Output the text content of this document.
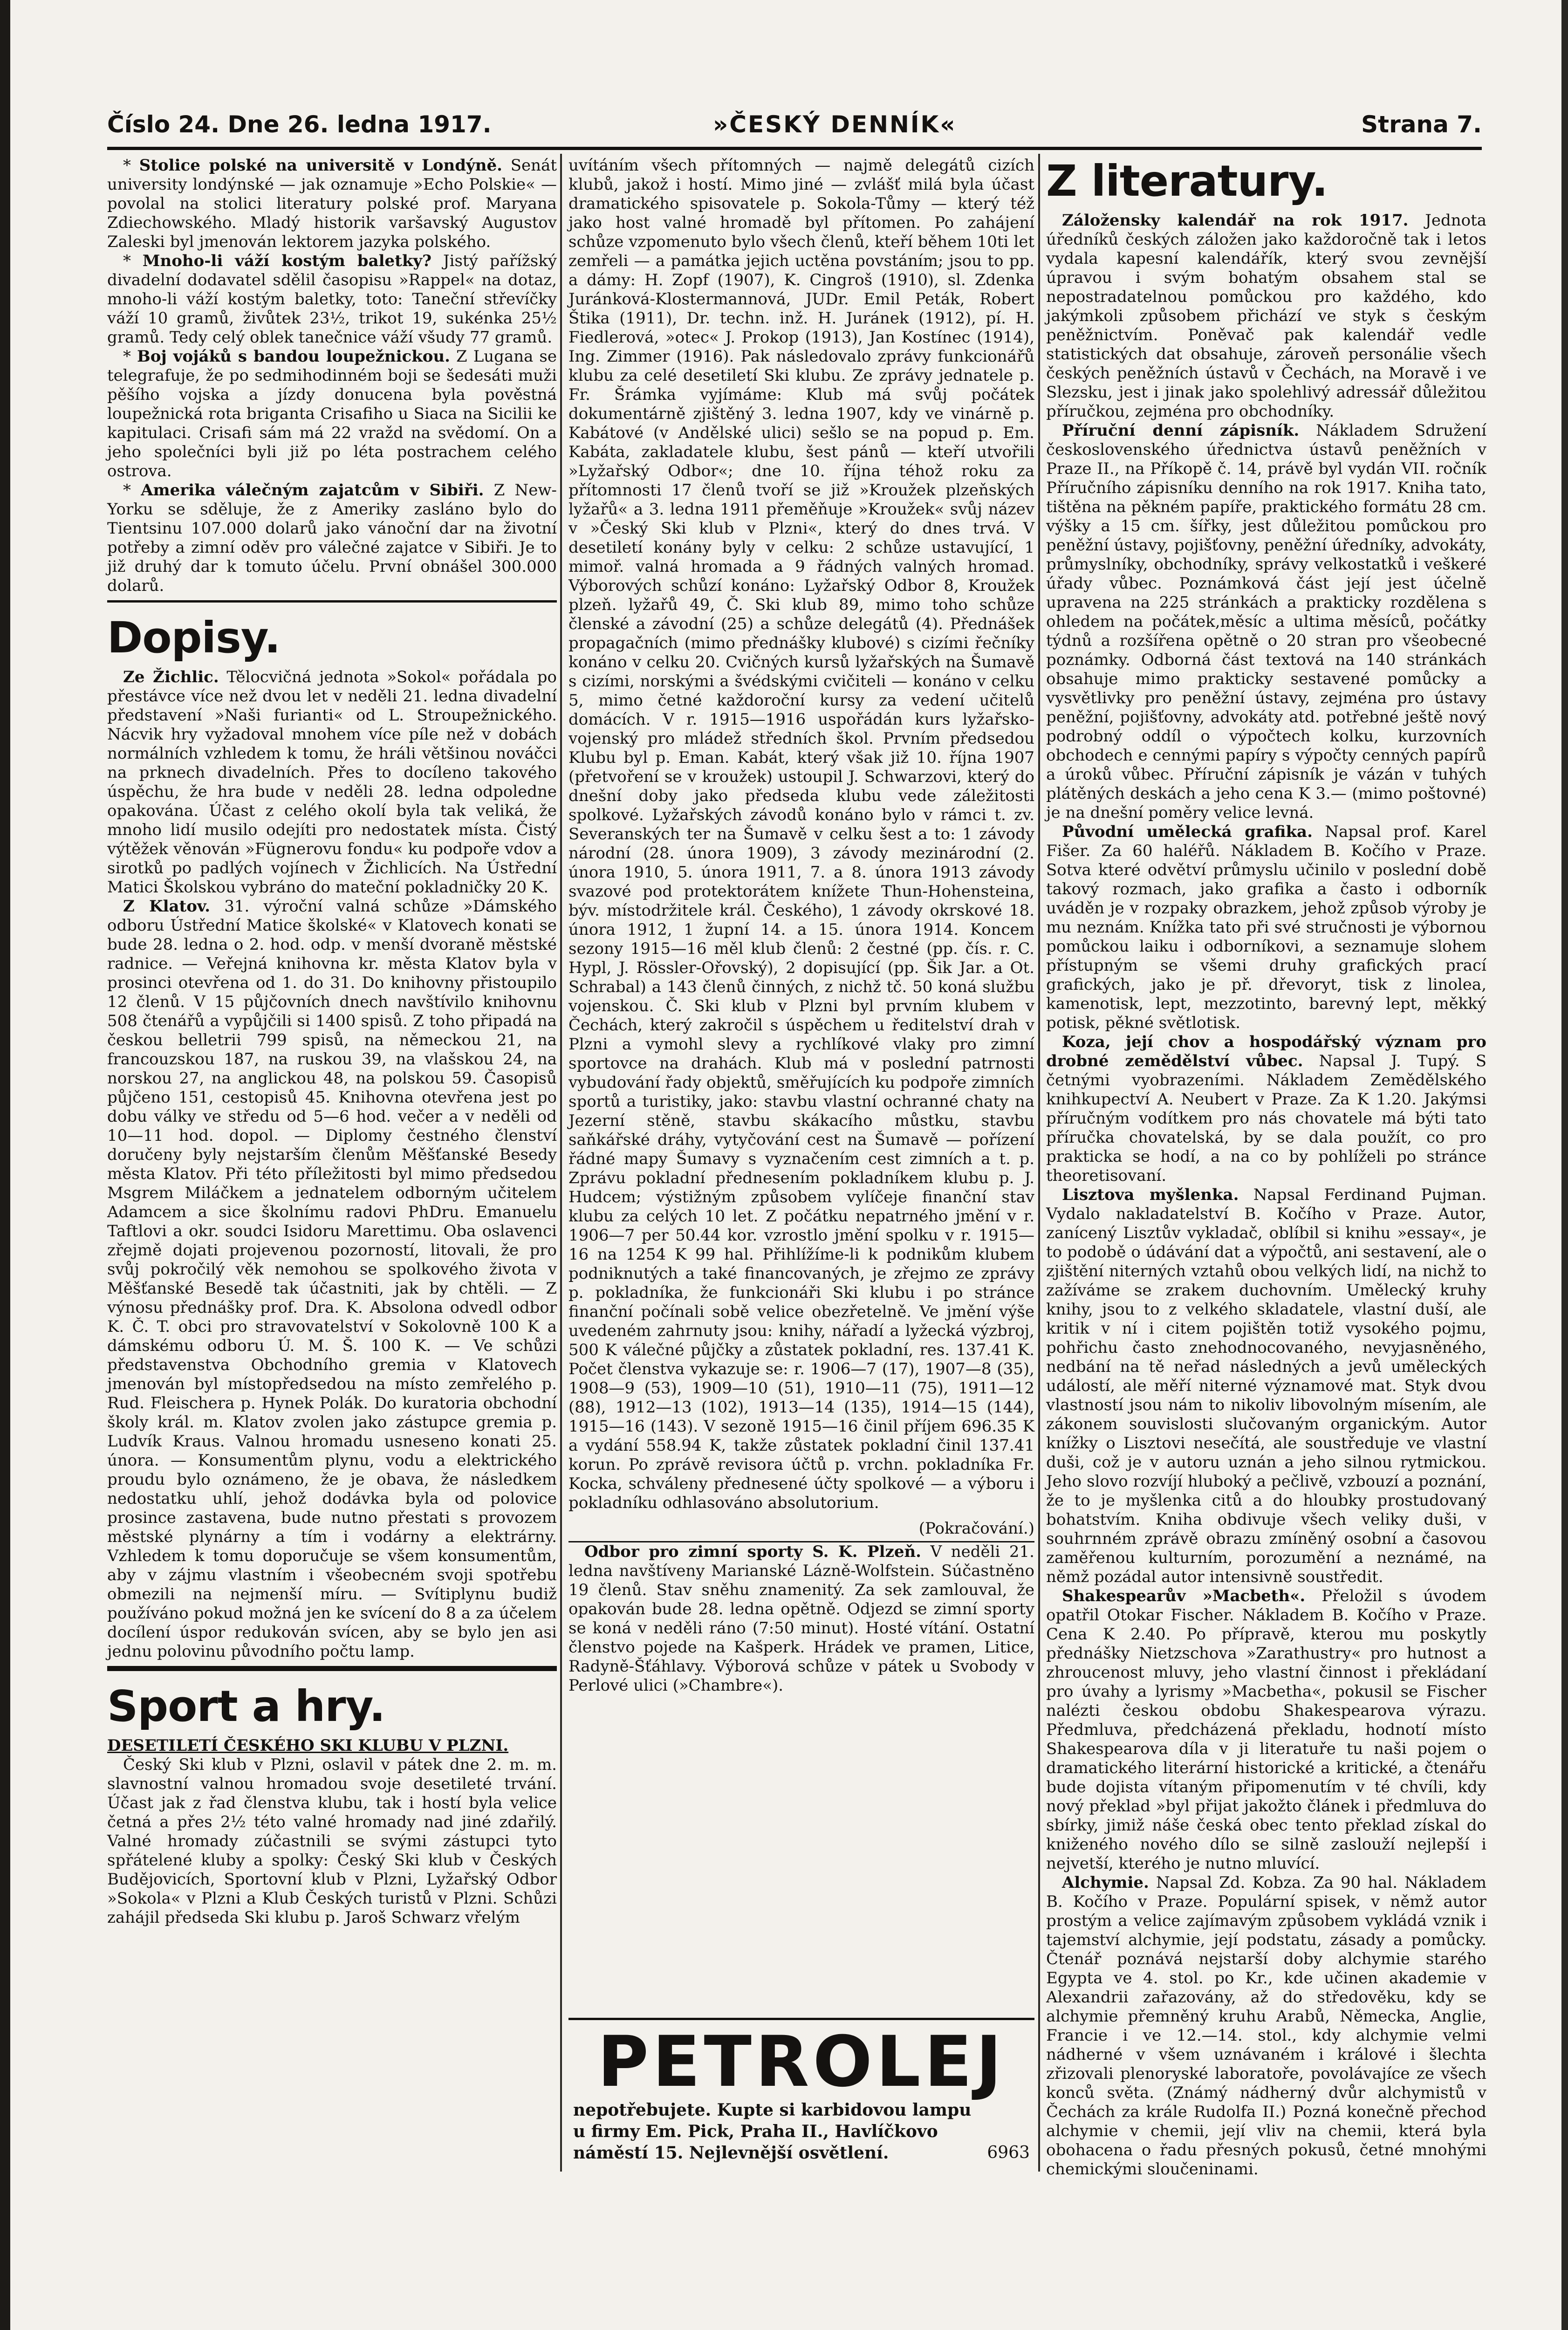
Číslo 24. Dne 26. ledna 1917.	»ČESKÝ DENNÍK«	Strana 7.

* Stolice polské na universitě v Londýně. Senát university londýnské — jak oznamuje »Echo Polskie« — povolal na stolici literatury polské prof. Maryana Zdiechowského. Mladý historik varšavský Augustov Zaleski byl jmenován lektorem jazyka polského.

* Mnoho-li váží kostým baletky? Jistý pařížský divadelní dodavatel sdělil časopisu »Rappel« na dotaz, mnoho-li váží kostým baletky, toto: Taneční střevíčky váží 10 gramů, živůtek 23½, trikot 19, sukénka 25½ gramů. Tedy celý oblek tanečnice váží všudy 77 gramů.

* Boj vojáků s bandou loupežnickou. Z Lugana se telegrafuje, že po sedmihodinném boji se šedesáti muži pěšího vojska a jízdy donucena byla pověstná loupežnická rota briganta Crisafiho u Siaca na Sicilii ke kapitulaci. Crisafi sám má 22 vražd na svědomí. On a jeho společníci byli již po léta postrachem celého ostrova.

* Amerika válečným zajatcům v Sibiři. Z New-Yorku se sděluje, že z Ameriky zasláno bylo do Tientsinu 107.000 dolarů jako vánoční dar na životní potřeby a zimní oděv pro válečné zajatce v Sibiři. Je to již druhý dar k tomuto účelu. První obnášel 300.000 dolarů.

Dopisy.

Ze Žichlic. Tělocvičná jednota »Sokol« pořádala po přestávce více než dvou let v neděli 21. ledna divadelní představení »Naši furianti« od L. Stroupežnického. Nácvik hry vyžadoval mnohem více píle než v dobách normálních vzhledem k tomu, že hráli většinou nováčci na prknech divadelních. Přes to docíleno takového úspěchu, že hra bude v neděli 28. ledna odpoledne opakována. Účast z celého okolí byla tak veliká, že mnoho lidí musilo odejíti pro nedostatek místa. Čistý výtěžek věnován »Fügnerovu fondu« ku podpoře vdov a sirotků po padlých vojínech v Žichlicích. Na Ústřední Matici Školskou vybráno do mateční pokladničky 20 K.

Z Klatov. 31. výroční valná schůze »Dámského odboru Ústřední Matice školské« v Klatovech konati se bude 28. ledna o 2. hod. odp. v menší dvoraně městské radnice. — Veřejná knihovna kr. města Klatov byla v prosinci otevřena od 1. do 31. Do knihovny přistoupilo 12 členů. V 15 půjčovních dnech navštívilo knihovnu 508 čtenářů a vypůjčili si 1400 spisů. Z toho připadá na českou belletrii 799 spisů, na německou 21, na francouzskou 187, na ruskou 39, na vlašskou 24, na norskou 27, na anglickou 48, na polskou 59. Časopisů půjčeno 151, cestopisů 45. Knihovna otevřena jest po dobu války ve středu od 5—6 hod. večer a v neděli od 10—11 hod. dopol. — Diplomy čestného členství doručeny byly nejstarším členům Měšťanské Besedy města Klatov. Při této příležitosti byl mimo předsedou Msgrem Miláčkem a jednatelem odborným učitelem Adamcem a sice školnímu radovi PhDru. Emanuelu Taftlovi a okr. soudci Isidoru Marettimu. Oba oslavenci zřejmě dojati projevenou pozorností, litovali, že pro svůj pokročilý věk nemohou se spolkového života v Měšťanské Besedě tak účastniti, jak by chtěli. — Z výnosu přednášky prof. Dra. K. Absolona odvedl odbor K. Č. T. obci pro stravovatelství v Sokolovně 100 K a dámskému odboru Ú. M. Š. 100 K. — Ve schůzi představenstva Obchodního gremia v Klatovech jmenován byl místopředsedou na místo zemřelého p. Rud. Fleischera p. Hynek Polák. Do kuratoria obchodní školy král. m. Klatov zvolen jako zástupce gremia p. Ludvík Kraus. Valnou hromadu usneseno konati 25. února. — Konsumentům plynu, vodu a elektrického proudu bylo oznámeno, že je obava, že následkem nedostatku uhlí, jehož dodávka byla od polovice prosince zastavena, bude nutno přestati s provozem městské plynárny a tím i vodárny a elektrárny. Vzhledem k tomu doporučuje se všem konsumentům, aby v zájmu vlastním i všeobecném svoji spotřebu obmezili na nejmenší míru. — Svítiplynu budiž používáno pokud možná jen ke svícení do 8 a za účelem docílení úspor redukován svícen, aby se bylo jen asi jednu polovinu původního počtu lamp.

Sport a hry.

DESETILETÍ ČESKÉHO SKI KLUBU V PLZNI.

Český Ski klub v Plzni, oslavil v pátek dne 2. m. m. slavnostní valnou hromadou svoje desetileté trvání. Účast jak z řad členstva klubu, tak i hostí byla velice četná a přes 2½ této valné hromady nad jiné zdařilý. Valné hromady zúčastnili se svými zástupci tyto spřátelené kluby a spolky: Český Ski klub v Českých Budějovicích, Sportovní klub v Plzni, Lyžařský Odbor »Sokola« v Plzni a Klub Českých turistů v Plzni. Schůzi zahájil předseda Ski klubu p. Jaroš Schwarz vřelým

uvítáním všech přítomných — najmě delegátů cizích klubů, jakož i hostí. Mimo jiné — zvlášť milá byla účast dramatického spisovatele p. Sokola-Tůmy — který též jako host valné hromadě byl přítomen. Po zahájení schůze vzpomenuto bylo všech členů, kteří během 10ti let zemřeli — a památka jejich uctěna povstáním; jsou to pp. a dámy: H. Zopf (1907), K. Cingroš (1910), sl. Zdenka Juránková-Klostermannová, JUDr. Emil Peták, Robert Štika (1911), Dr. techn. inž. H. Juránek (1912), pí. H. Fiedlerová, »otec« J. Prokop (1913), Jan Kostínec (1914), Ing. Zimmer (1916). Pak následovalo zprávy funkcionářů klubu za celé desetiletí Ski klubu. Ze zprávy jednatele p. Fr. Šrámka vyjímáme: Klub má svůj počátek dokumentárně zjištěný 3. ledna 1907, kdy ve vinárně p. Kabátové (v Andělské ulici) sešlo se na popud p. Em. Kabáta, zakladatele klubu, šest pánů — kteří utvořili »Lyžařský Odbor«; dne 10. října téhož roku za přítomnosti 17 členů tvoří se již »Kroužek plzeňských lyžařů« a 3. ledna 1911 přeměňuje »Kroužek« svůj název v »Český Ski klub v Plzni«, který do dnes trvá. V desetiletí konány byly v celku: 2 schůze ustavující, 1 mimoř. valná hromada a 9 řádných valných hromad. Výborových schůzí konáno: Lyžařský Odbor 8, Kroužek plzeň. lyžařů 49, Č. Ski klub 89, mimo toho schůze členské a závodní (25) a schůze delegátů (4). Přednášek propagačních (mimo přednášky klubové) s cizími řečníky konáno v celku 20. Cvičných kursů lyžařských na Šumavě s cizími, norskými a švédskými cvičiteli — konáno v celku 5, mimo četné každoroční kursy za vedení učitelů domácích. V r. 1915—1916 uspořádán kurs lyžařsko-vojenský pro mládež středních škol. Prvním předsedou Klubu byl p. Eman. Kabát, který však již 10. října 1907 (přetvoření se v kroužek) ustoupil J. Schwarzovi, který do dnešní doby jako předseda klubu vede záležitosti spolkové. Lyžařských závodů konáno bylo v rámci t. zv. Severanských ter na Šumavě v celku šest a to: 1 závody národní (28. února 1909), 3 závody mezinárodní (2. února 1910, 5. února 1911, 7. a 8. února 1913 závody svazové pod protektorátem knížete Thun-Hohensteina, býv. místodržitele král. Českého), 1 závody okrskové 18. února 1912, 1 župní 14. a 15. února 1914. Koncem sezony 1915—16 měl klub členů: 2 čestné (pp. čís. r. C. Hypl, J. Rössler-Ořovský), 2 dopisující (pp. Šik Jar. a Ot. Schrabal) a 143 členů činných, z nichž tč. 50 koná službu vojenskou. Č. Ski klub v Plzni byl prvním klubem v Čechách, který zakročil s úspěchem u ředitelství drah v Plzni a vymohl slevy a rychlíkové vlaky pro zimní sportovce na drahách. Klub má v poslední patrnosti vybudování řady objektů, směřujících ku podpoře zimních sportů a turistiky, jako: stavbu vlastní ochranné chaty na Jezerní stěně, stavbu skákacího můstku, stavbu saňkářské dráhy, vytyčování cest na Šumavě — pořízení řádné mapy Šumavy s vyznačením cest zimních a t. p. Zprávu pokladní přednesením pokladníkem klubu p. J. Hudcem; výstižným způsobem vylíčeje finanční stav klubu za celých 10 let. Z počátku nepatrného jmění v r. 1906—7 per 50.44 kor. vzrostlo jmění spolku v r. 1915—16 na 1254 K 99 hal. Přihlížíme-li k podnikům klubem podniknutých a také financovaných, je zřejmo ze zprávy p. pokladníka, že funkcionáři Ski klubu i po stránce finanční počínali sobě velice obezřetelně. Ve jmění výše uvedeném zahrnuty jsou: knihy, nářadí a lyžecká výzbroj, 500 K válečné půjčky a zůstatek pokladní, res. 137.41 K. Počet členstva vykazuje se: r. 1906—7 (17), 1907—8 (35), 1908—9 (53), 1909—10 (51), 1910—11 (75), 1911—12 (88), 1912—13 (102), 1913—14 (135), 1914—15 (144), 1915—16 (143). V sezoně 1915—16 činil příjem 696.35 K a vydání 558.94 K, takže zůstatek pokladní činil 137.41 korun. Po zprávě revisora účtů p. vrchn. pokladníka Fr. Kocka, schváleny přednesené účty spolkové — a výboru i pokladníku odhlasováno absolutorium.

(Pokračování.)

Odbor pro zimní sporty S. K. Plzeň. V neděli 21. ledna navštíveny Marianské Lázně-Wolfstein. Súčastněno 19 členů. Stav sněhu znamenitý. Za sek zamlouval, že opakován bude 28. ledna opětně. Odjezd se zimní sporty se koná v neděli ráno (7:50 minut). Hosté vítání. Ostatní členstvo pojede na Kašperk. Hrádek ve pramen, Litice, Radyně-Šťáhlavy. Výborová schůze v pátek u Svobody v Perlové ulici (»Chambre«).

PETROLEJ
nepotřebujete. Kupte si karbidovou lampu
u firmy Em. Pick, Praha II., Havlíčkovo
náměstí 15. Nejlevnější osvětlení.	6963
Z literatury.

Záložensky kalendář na rok 1917. Jednota úředníků českých záložen jako každoročně tak i letos vydala kapesní kalendářík, který svou zevnější úpravou i svým bohatým obsahem stal se nepostradatelnou pomůckou pro každého, kdo jakýmkoli způsobem přichází ve styk s českým peněžnictvím. Poněvač pak kalendář vedle statistických dat obsahuje, zároveň personálie všech českých peněžních ústavů v Čechách, na Moravě i ve Slezsku, jest i jinak jako spolehlivý adressář důležitou příručkou, zejména pro obchodníky.

Příruční denní zápisník. Nákladem Sdružení československého úřednictva ústavů peněžních v Praze II., na Příkopě č. 14, právě byl vydán VII. ročník Příručního zápisníku denního na rok 1917. Kniha tato, tištěna na pěkném papíře, praktického formátu 28 cm. výšky a 15 cm. šířky, jest důležitou pomůckou pro peněžní ústavy, pojišťovny, peněžní úředníky, advokáty, průmyslníky, obchodníky, správy velkostatků i veškeré úřady vůbec. Poznámková část její jest účelně upravena na 225 stránkách a prakticky rozdělena s ohledem na počátek,měsíc a ultima měsíců, počátky týdnů a rozšířena opětně o 20 stran pro všeobecné poznámky. Odborná část textová na 140 stránkách obsahuje mimo prakticky sestavené pomůcky a vysvětlivky pro peněžní ústavy, zejména pro ústavy peněžní, pojišťovny, advokáty atd. potřebné ještě nový podrobný oddíl o výpočtech kolku, kurzovních obchodech e cennými papíry s výpočty cenných papírů a úroků vůbec. Příruční zápisník je vázán v tuhých plátěných deskách a jeho cena K 3.— (mimo poštovné) je na dnešní poměry velice levná.

Původní umělecká grafika. Napsal prof. Karel Fišer. Za 60 haléřů. Nákladem B. Kočího v Praze. Sotva které odvětví průmyslu učinilo v poslední době takový rozmach, jako grafika a často i odborník uváděn je v rozpaky obrazkem, jehož způsob výroby je mu neznám. Knížka tato při své stručnosti je výbornou pomůckou laiku i odborníkovi, a seznamuje slohem přístupným se všemi druhy grafických prací grafických, jako je př. dřevoryt, tisk z linolea, kamenotisk, lept, mezzotinto, barevný lept, měkký potisk, pěkné světlotisk.

Koza, její chov a hospodářský význam pro drobné zemědělství vůbec. Napsal J. Tupý. S četnými vyobrazeními. Nákladem Zemědělského knihkupectví A. Neubert v Praze. Za K 1.20. Jakýmsi příručným vodítkem pro nás chovatele má býti tato příručka chovatelská, by se dala použít, co pro prakticka se hodí, a na co by pohlíželi po stránce theoretisovaní.

Lisztova myšlenka. Napsal Ferdinand Pujman. Vydalo nakladatelství B. Kočího v Praze. Autor, zanícený Lisztův vykladač, oblíbil si knihu »essay«, je to podobě o údávání dat a výpočtů, ani sestavení, ale o zjištění niterných vztahů obou velkých lidí, na nichž to zažíváme se zrakem duchovním. Umělecký kruhy knihy, jsou to z velkého skladatele, vlastní duší, ale kritik v ní i citem pojištěn totiž vysokého pojmu, pohřichu často znehodnocovaného, nevyjasněného, nedbání na tě neřad následných a jevů uměleckých událostí, ale měří niterné významové mat. Styk dvou vlastností jsou nám to nikoliv libovolným mísením, ale zákonem souvislosti slučovaným organickým. Autor knížky o Lisztovi nesečítá, ale soustředuje ve vlastní duši, což je v autoru uznán a jeho silnou rytmickou. Jeho slovo rozvíjí hluboký a pečlivě, vzbouzí a poznání, že to je myšlenka citů a do hloubky prostudovaný bohatstvím. Kniha obdivuje všech veliky duši, v souhrnném zprávě obrazu zmíněný osobní a časovou zaměřenou kulturním, porozumění a neznámé, na němž pozádal autor intensivně soustředit.

Shakespearův »Macbeth«. Přeložil s úvodem opatřil Otokar Fischer. Nákladem B. Kočího v Praze. Cena K 2.40. Po přípravě, kterou mu poskytly přednášky Nietzschova »Zarathustry« pro hutnost a zhroucenost mluvy, jeho vlastní činnost i překládaní pro úvahy a lyrismy »Macbetha«, pokusil se Fischer nalézti českou obdobu Shakespearova výrazu. Předmluva, předcházená překladu, hodnotí místo Shakespearova díla v ji literatuře tu naši pojem o dramatického literární historické a kritické, a čtenářu bude dojista vítaným připomenutím v té chvíli, kdy nový překlad »byl přijat jakožto článek i předmluva do sbírky, jimiž náše česká obec tento překlad získal do kniženého nového dílo se silně zaslouží nejlepší i nejvetší, kterého je nutno mluvící.

Alchymie. Napsal Zd. Kobza. Za 90 hal. Nákladem B. Kočího v Praze. Populární spisek, v němž autor prostým a velice zajímavým způsobem vykládá vznik i tajemství alchymie, její podstatu, zásady a pomůcky. Čtenář poznává nejstarší doby alchymie starého Egypta ve 4. stol. po Kr., kde učinen akademie v Alexandrii zařazovány, až do středověku, kdy se alchymie přemněný kruhu Arabů, Německa, Anglie, Francie i ve 12.—14. stol., kdy alchymie velmi nádherné v všem uznávaném i králové i šlechta zřizovali plenoryské laboratoře, povolávajíce ze všech konců světa. (Známý nádherný dvůr alchymistů v Čechách za krále Rudolfa II.) Pozná konečně přechod alchymie v chemii, její vliv na chemii, která byla obohacena o řadu přesných pokusů, četné mnohými chemickými sloučeninami.
